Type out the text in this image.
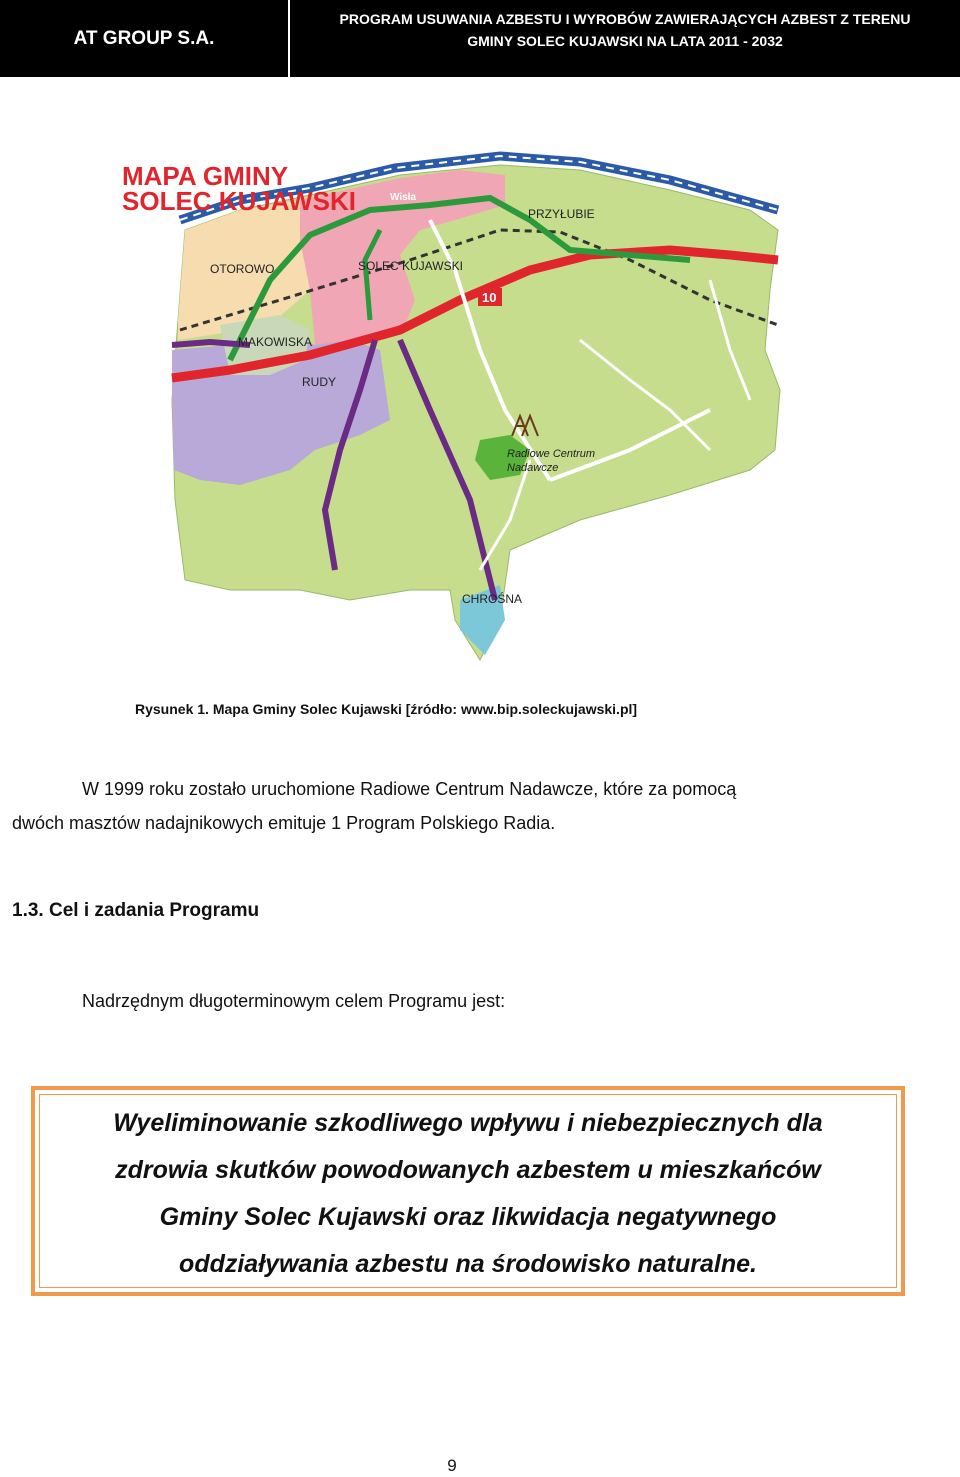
AT GROUP S.A.
PROGRAM USUWANIA AZBESTU I WYROBÓW ZAWIERAJĄCYCH AZBEST Z TERENU
GMINY SOLEC KUJAWSKI NA LATA 2011 - 2032
MAPA GMINY
SOLEC KUJAWSKI
OTOROWO	SOLEC KUJAWSKI
PRZYŁUBIE
MAKOWISKA
RUDY
CHROŚNA
Radiowe Centrum
Nadawcze
Wisła
10
Rysunek 1. Mapa Gminy Solec Kujawski [źródło: www.bip.soleckujawski.pl]
W 1999 roku zostało uruchomione Radiowe Centrum Nadawcze, które za pomocą
dwóch masztów nadajnikowych emituje 1 Program Polskiego Radia.
1.3. Cel i zadania Programu
Nadrzędnym długoterminowym celem Programu jest:
Wyeliminowanie szkodliwego wpływu i niebezpiecznych dla
zdrowia skutków powodowanych azbestem u mieszkańców
Gminy Solec Kujawski oraz likwidacja negatywnego
oddziaływania azbestu na środowisko naturalne.
9
